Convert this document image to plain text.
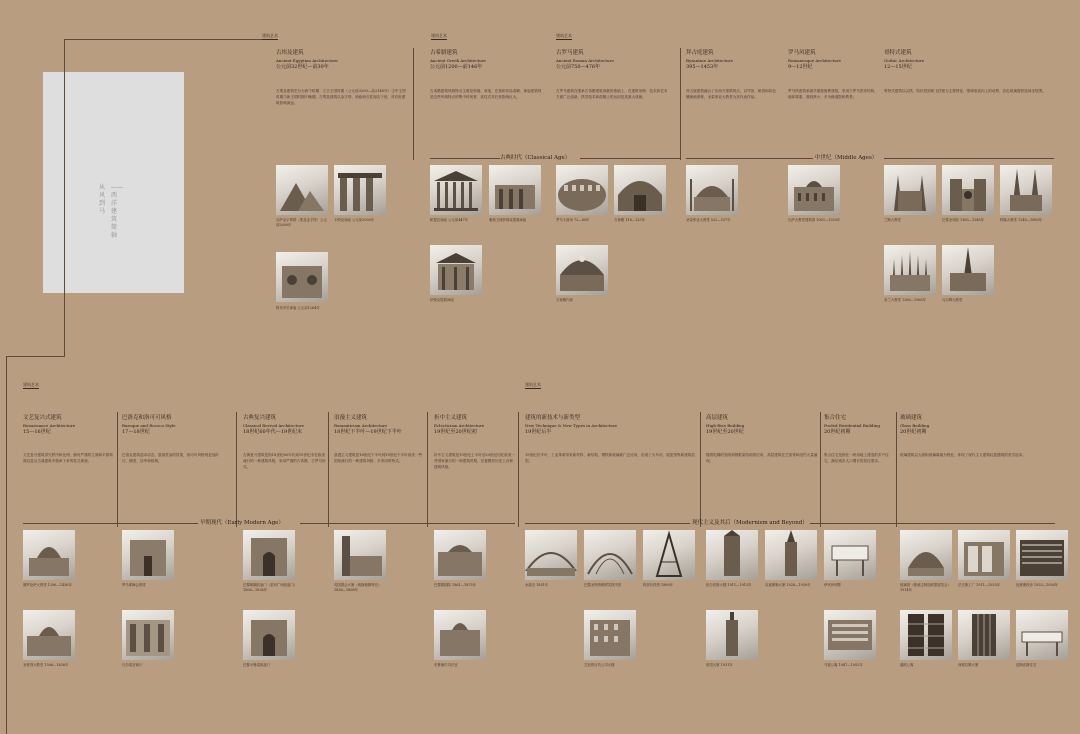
从风到马
——西洋建筑简轴
建筑艺术	建筑艺术	建筑艺术
建筑艺术	建筑艺术
古埃及建筑
Ancient Egyptian Architecture
公元前32世纪—前30年
古埃及建筑史分为四个时期：①古王国时期（公元前3200—前2140年）②中王国时期③新王国时期④晚期。古埃及建筑以金字塔、神庙和石柱闻名于世，对后世建筑影响深远。
古希腊建筑
Ancient Greek Architecture
公元前1200—前146年
古希腊建筑风格特点主要是和谐、单纯、庄重和布局清晰，神庙建筑则是这些风格特点的集中体现者，其柱式对后世影响巨大。
古罗马建筑
Ancient Roman Architecture
公元前750—476年
古罗马建筑在继承古希腊建筑成就的基础上，在建筑形制、技术和艺术方面广泛创新，拱券技术和混凝土的运用是其最大成就。
拜占庭建筑
Byzantine Architecture
395—1453年
拜占庭建筑融合了东西方建筑特点，以穹顶、帆拱和彩色镶嵌画著称，圣索菲亚大教堂为其代表作品。
罗马风建筑
Romanesque Architecture
9—12世纪
罗马风建筑承袭早期基督教建筑，采用古罗马拱券结构，墙体厚重，窗洞狭小，多为修道院和教堂。
哥特式建筑
Gothic Architecture
12—15世纪
哥特式建筑以尖拱、肋状拱顶和飞扶壁为主要特征，强调垂直向上的动势，彩色玻璃窗营造神圣氛围。
古典时代（Classical Age）	中世纪（Middle Ages）
吉萨金字塔群（埃及金字塔）公元前2600年
卡纳克神庙 公元前2000年
阿布辛贝神庙 公元前1264年
帕提农神庙 公元前447年	雅典卫城伊瑞克提翁神庙
伊瑞克提翁神庙
罗马斗兽场 72—80年	万神殿 118—125年
万神殿内部
圣索菲亚大教堂 532—537年	比萨大教堂建筑群 1063—1350年	兰斯大教堂	巴黎圣母院 1163—1345年	科隆大教堂 1248—1880年
米兰大教堂 1386—1965年	乌尔姆大教堂
文艺复兴式建筑
Renaissance Architecture
15—16世纪
文艺复兴建筑讲究秩序和比例，拥有严谨的立面和平面构图以及从古典建筑中继承下来的柱式系统。
巴洛克和洛可可风格
Baroque and Rococo Style
17—18世纪
巴洛克建筑追求动态、富丽堂皇的效果，洛可可风格则更加纤巧、精美、浮华和烦琐。
古典复兴建筑
Classical Revival Architecture
18世纪60年代—19世纪末
古典复兴建筑是指18世纪60年代到19世纪末在欧美流行的一种建筑风格，采用严谨的古希腊、古罗马形式。
浪漫主义建筑
Romanticism Architecture
18世纪下半叶—19世纪下半叶
浪漫主义建筑是18世纪下半叶到19世纪下半叶欧美一些国家流行的一种建筑风格，多采用哥特式。
折中主义建筑
Eclecticism Architecture
19世纪至20世纪初
折中主义建筑是19世纪上半叶至20世纪初在欧美一些国家流行的一种建筑风格，任意模仿历史上各种建筑风格。
建筑的新技术与新类型
New Technique & New Types in Architecture
19世纪后半
19世纪后半叶，工业革命带来新材料、新结构，钢铁和玻璃被广泛应用，出现了火车站、展览馆等新建筑类型。
高层建筑
High-Rise Building
19世纪至20世纪
随着电梯的发明和钢框架结构的应用，高层建筑在芝加哥和纽约大量涌现。
集合住宅
Pooled Residential Building
20世纪初期
集合住宅是指在一块用地上建造的多户住宅，满足城市人口增长的居住需求。
玻璃建筑
Glass Building
20世纪初期
玻璃建筑以大面积玻璃幕墙为特征，体现了现代主义建筑轻盈透明的美学追求。
早期现代（Early Modern Age）	现代主义及其后（Modernism and Beyond）
佛罗伦萨大教堂 1296—1436年
圣彼得大教堂 1506—1626年
罗马耶稣会教堂
凡尔赛宫镜厅
巴黎雄狮凯旋门（星形广场凯旋门）1806—1836年
巴黎卡鲁索凯旋门
英国国会大厦（威斯敏斯特宫）1836—1868年
巴黎歌剧院 1861—1875年
布鲁塞尔司法宫
水晶宫 1851年	巴黎圣热纳维耶芙图书馆	埃菲尔铁塔 1889年
芝加哥百货公司大楼
伍尔沃斯大楼 1911—1913年	克莱斯勒大厦 1928—1930年
帝国大厦 1931年
萨伏伊别墅
马赛公寓 1947—1952年
玻璃馆（德意志制造联盟展览会）1914年
法古斯工厂 1911—1925年	包豪斯校舍 1925—1926年
湖滨公寓	西格拉姆大厦	范斯沃斯住宅
